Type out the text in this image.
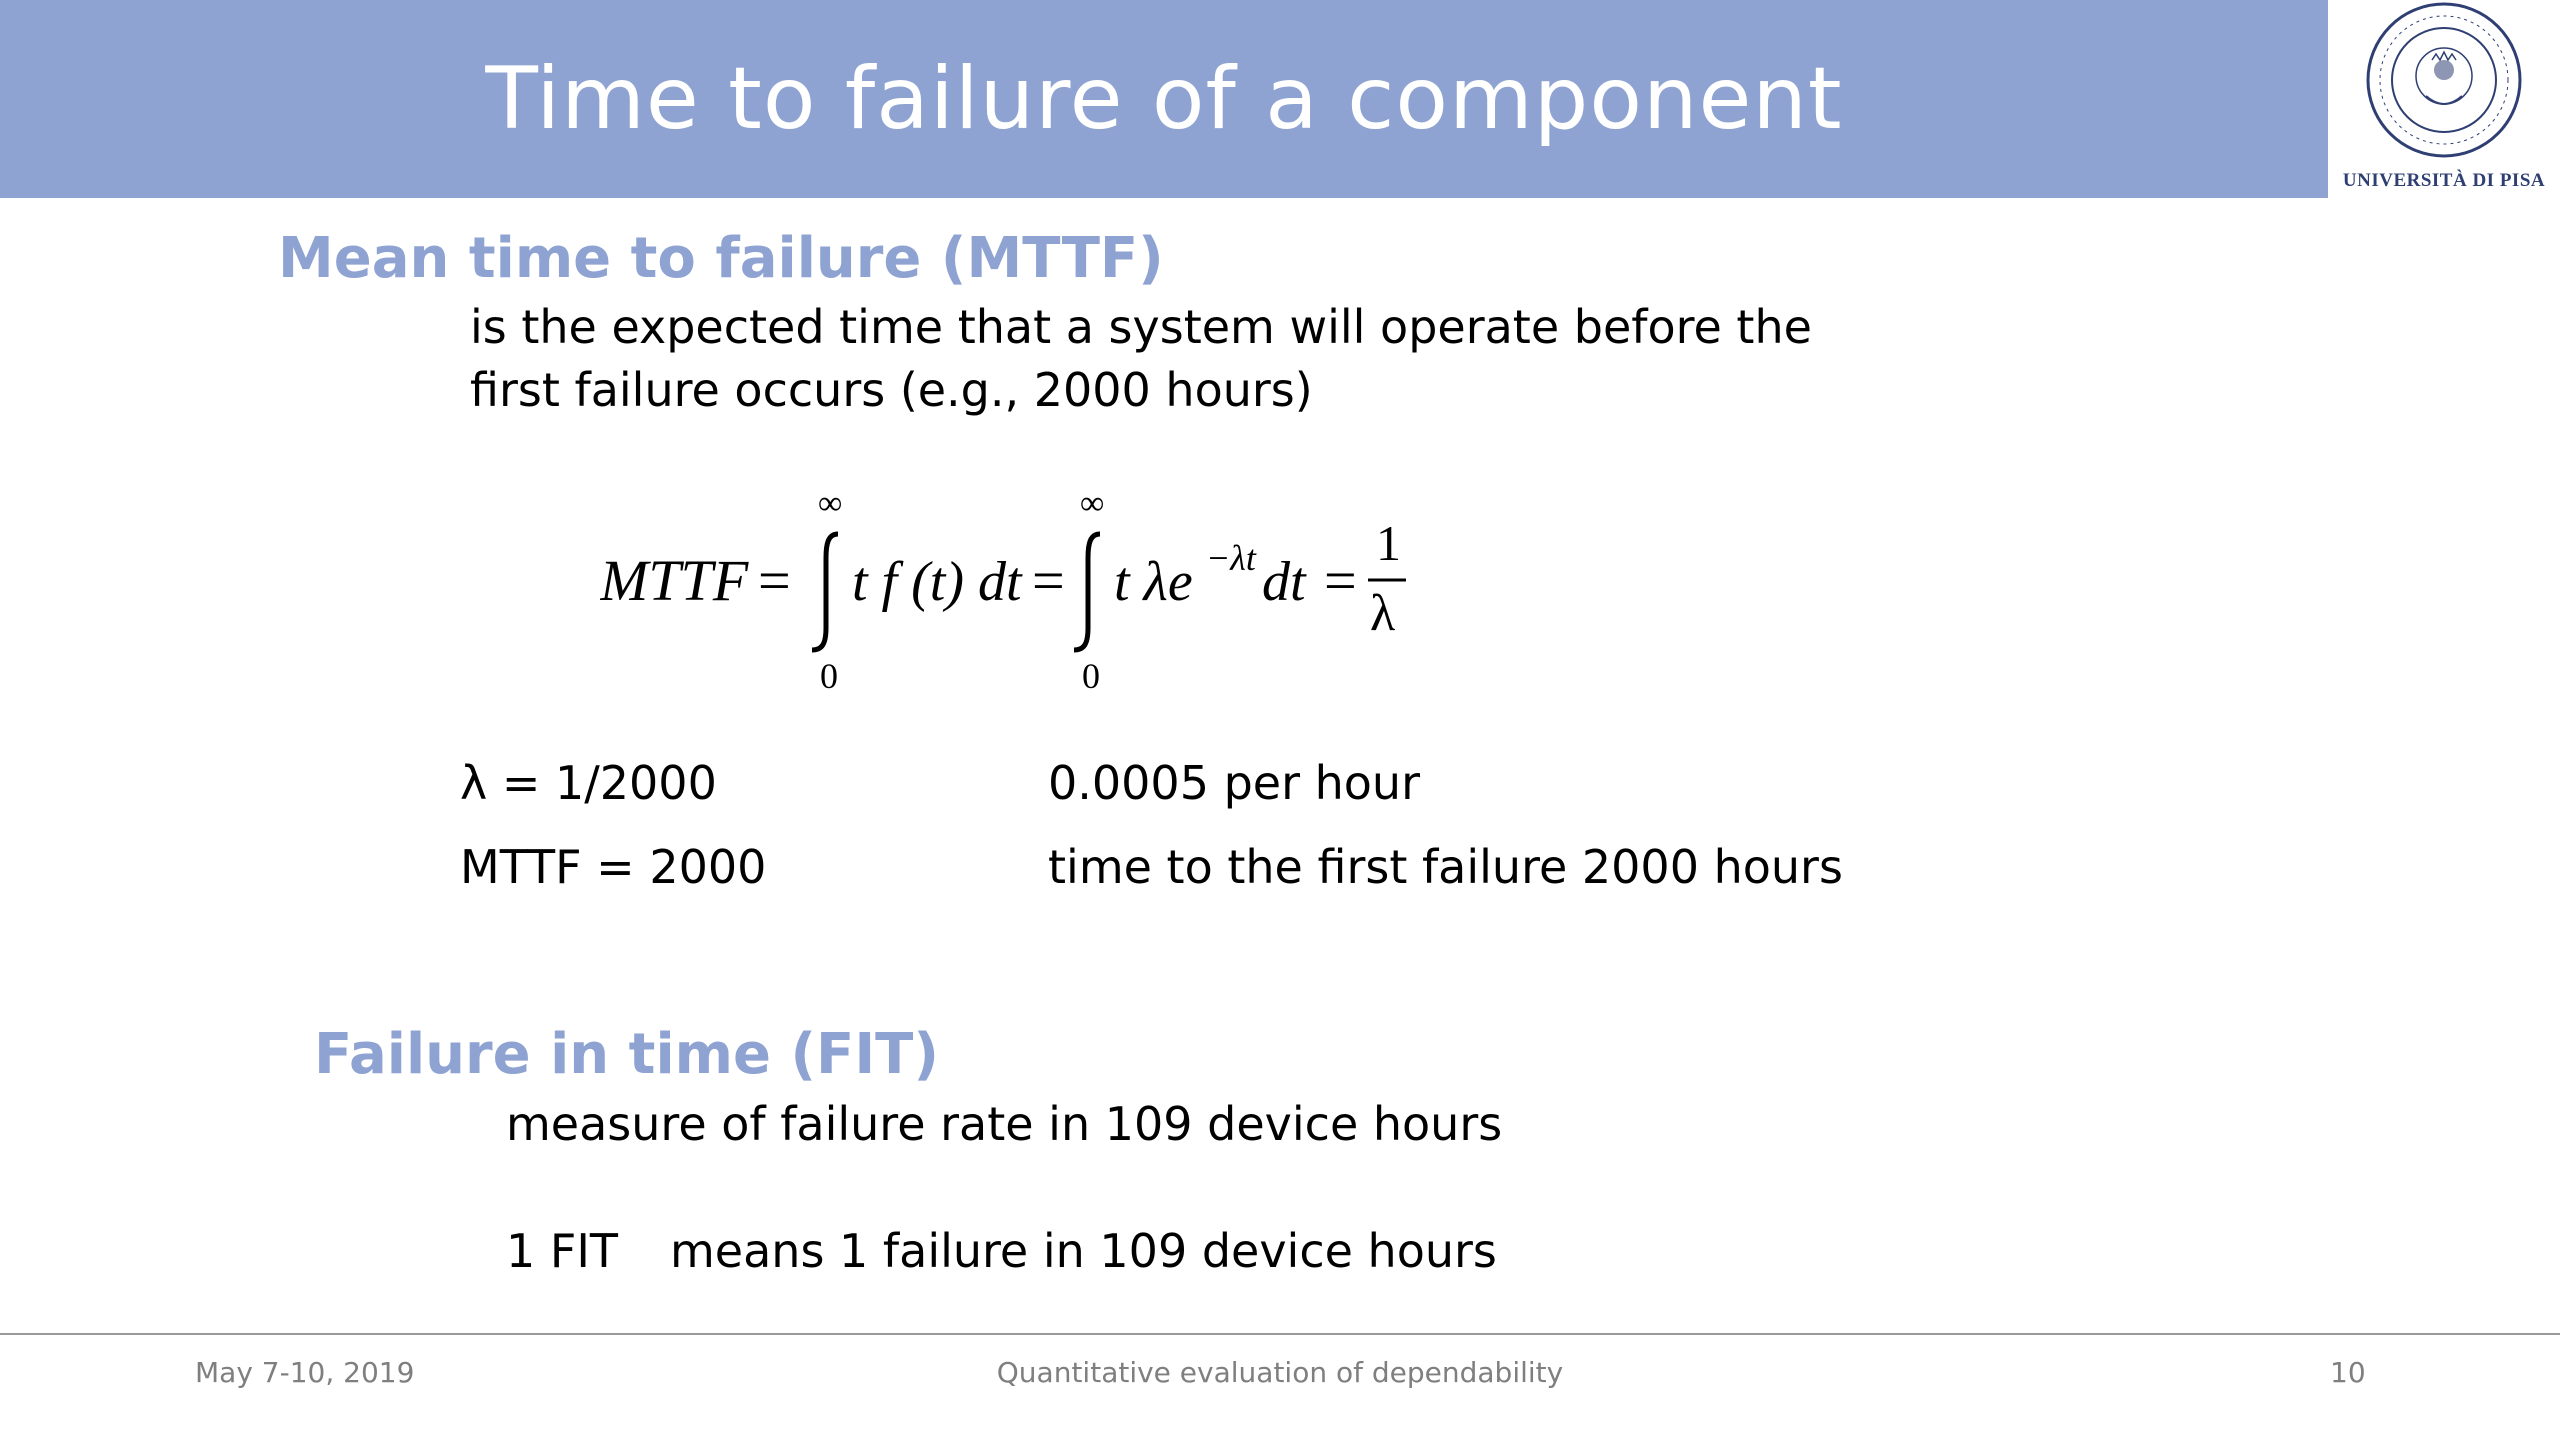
Time to failure of a component
UNIVERSITÀ DI PISA
Mean time to failure (MTTF)
is the expected time that a system will operate before the
first failure occurs (e.g., 2000 hours)
MTTF =
∞
0
t f (t) dt =
∞
0
t λe −λt dt =
1
λ
λ = 1/2000	0.0005 per hour
MTTF = 2000	time to the first failure 2000 hours
Failure in time (FIT)
measure of failure rate in 109 device hours
1 FIT means 1 failure in 109 device hours
May 7-10, 2019	Quantitative evaluation of dependability	10
